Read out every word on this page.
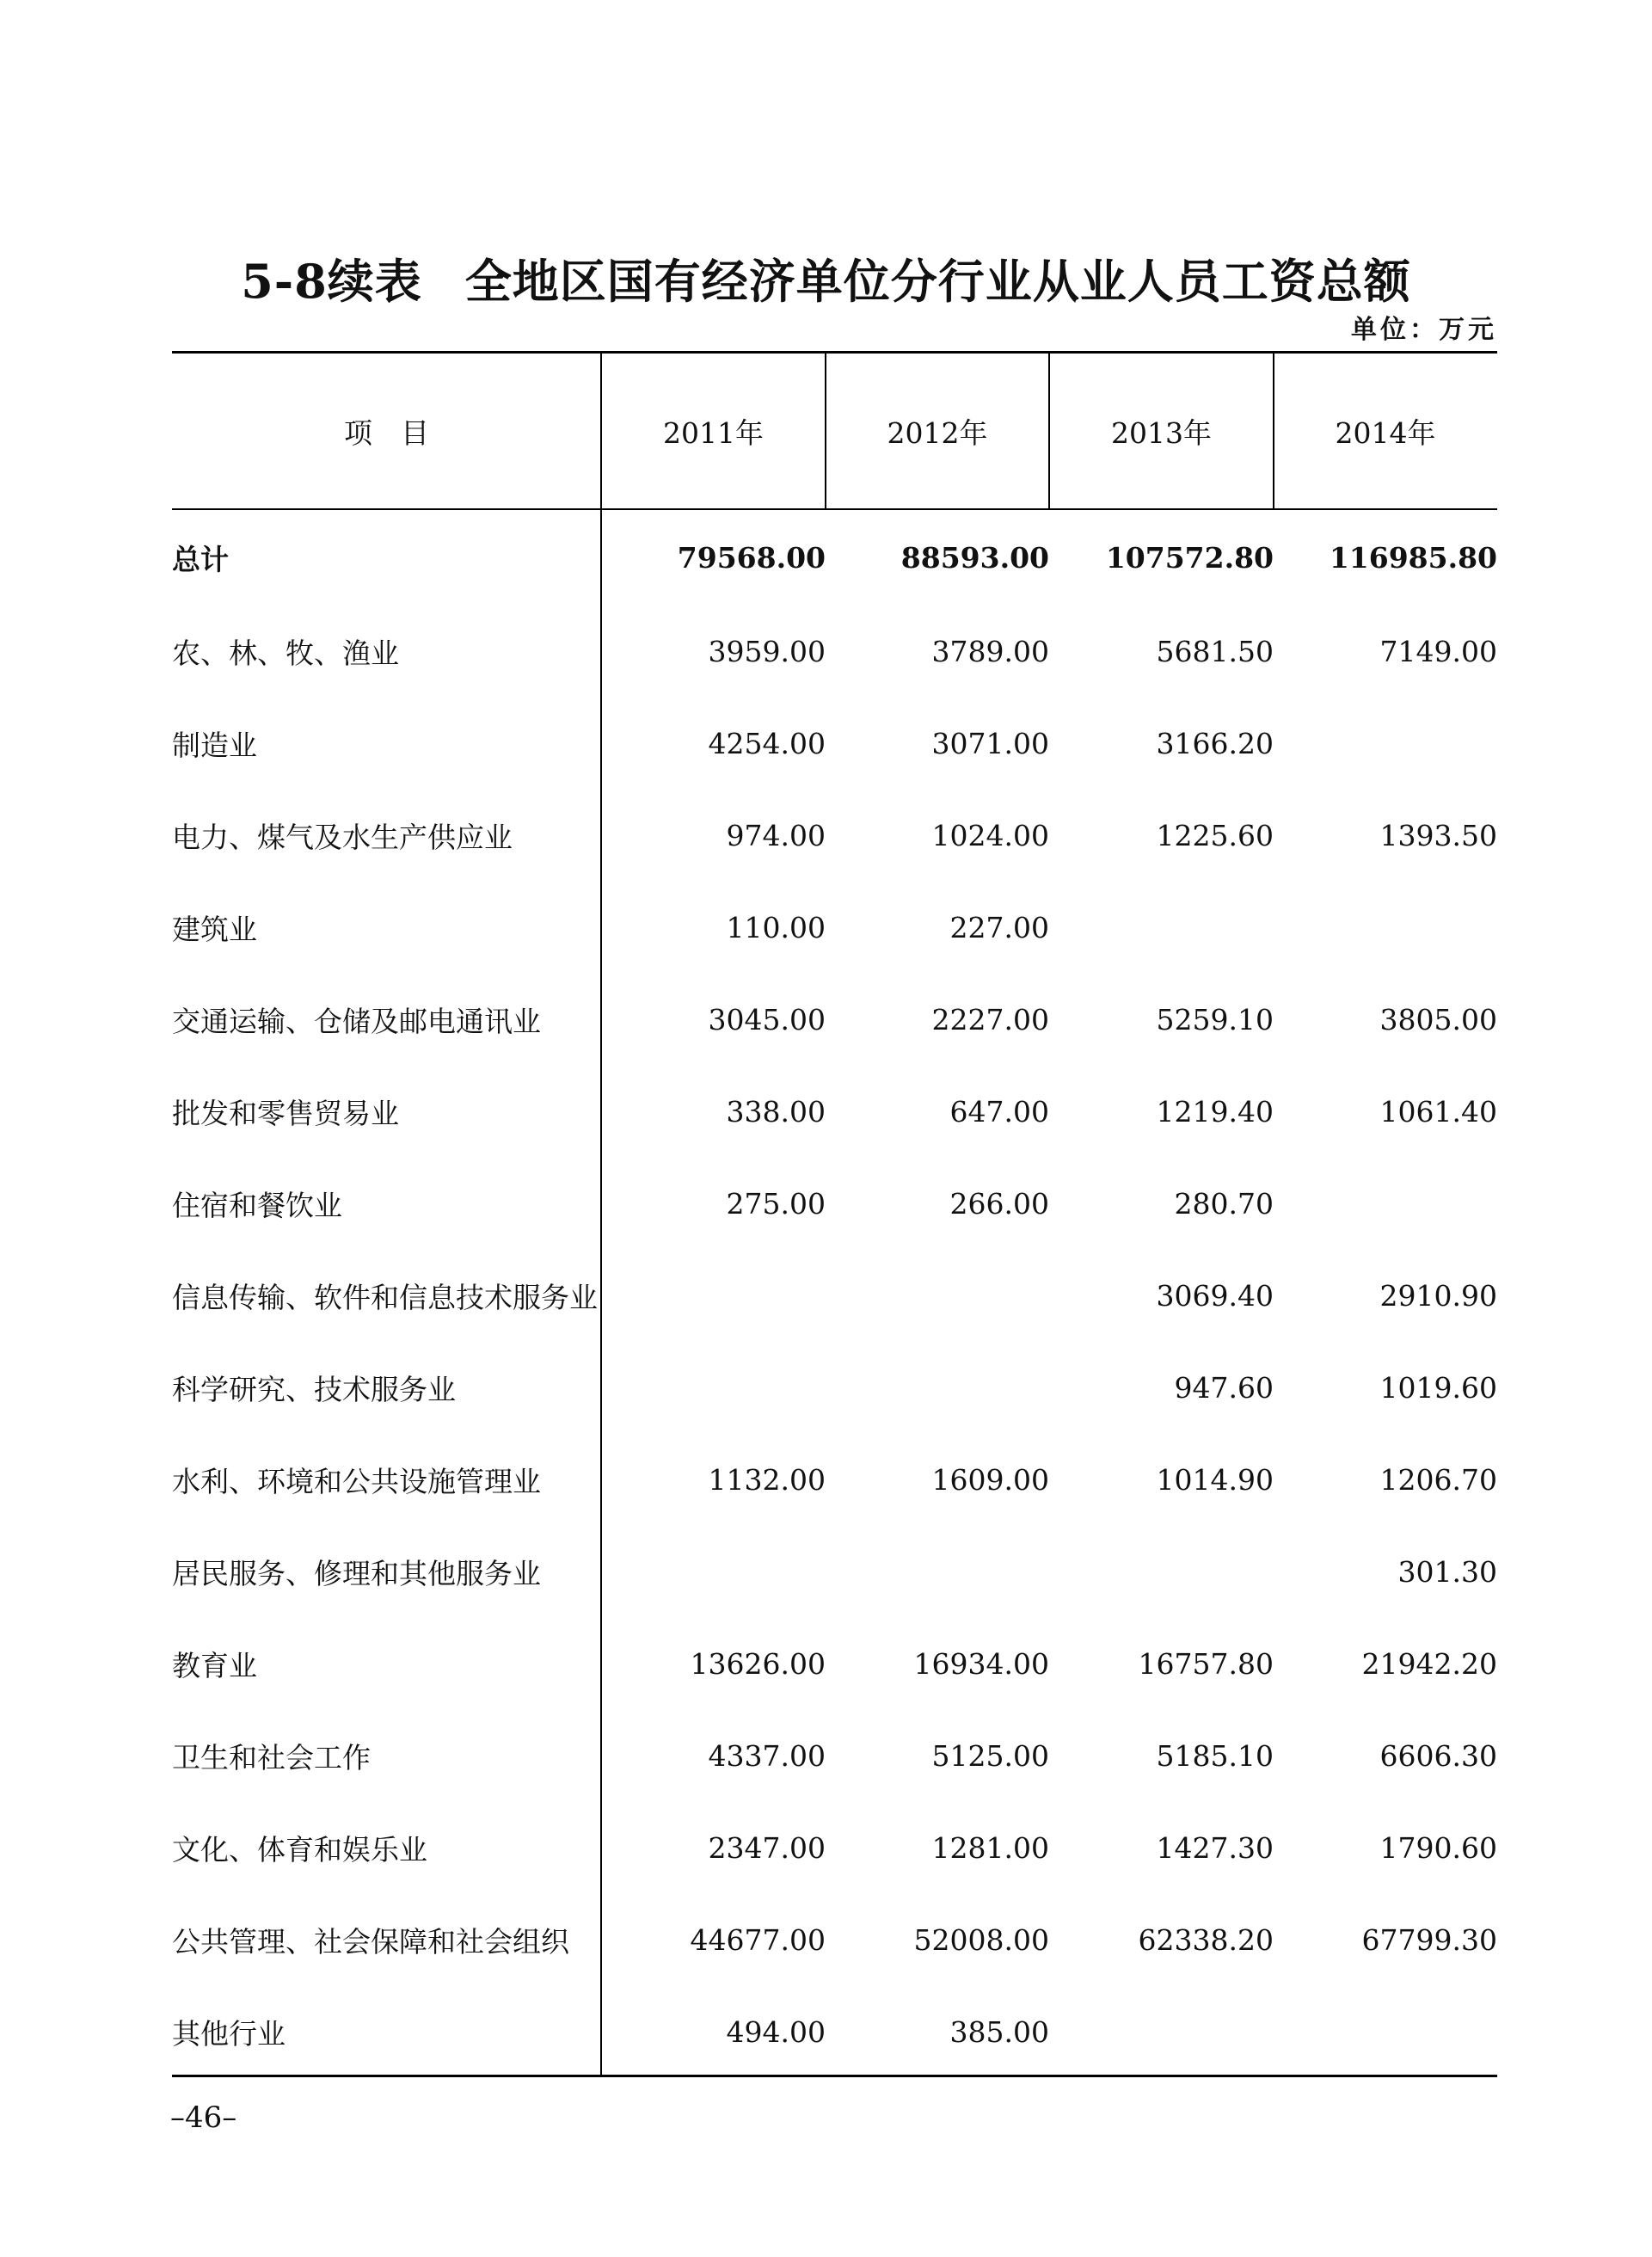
5-8续表 全地区国有经济单位分行业从业人员工资总额
单位：万元
项　目	2011年	2012年	2013年	2014年
总计	79568.00	88593.00	107572.80	116985.80
农、林、牧、渔业	3959.00	3789.00	5681.50	7149.00
制造业	4254.00	3071.00	3166.20	
电力、煤气及水生产供应业	974.00	1024.00	1225.60	1393.50
建筑业	110.00	227.00		
交通运输、仓储及邮电通讯业	3045.00	2227.00	5259.10	3805.00
批发和零售贸易业	338.00	647.00	1219.40	1061.40
住宿和餐饮业	275.00	266.00	280.70	
信息传输、软件和信息技术服务业			3069.40	2910.90
科学研究、技术服务业			947.60	1019.60
水利、环境和公共设施管理业	1132.00	1609.00	1014.90	1206.70
居民服务、修理和其他服务业				301.30
教育业	13626.00	16934.00	16757.80	21942.20
卫生和社会工作	4337.00	5125.00	5185.10	6606.30
文化、体育和娱乐业	2347.00	1281.00	1427.30	1790.60
公共管理、社会保障和社会组织	44677.00	52008.00	62338.20	67799.30
其他行业	494.00	385.00		
–46–
